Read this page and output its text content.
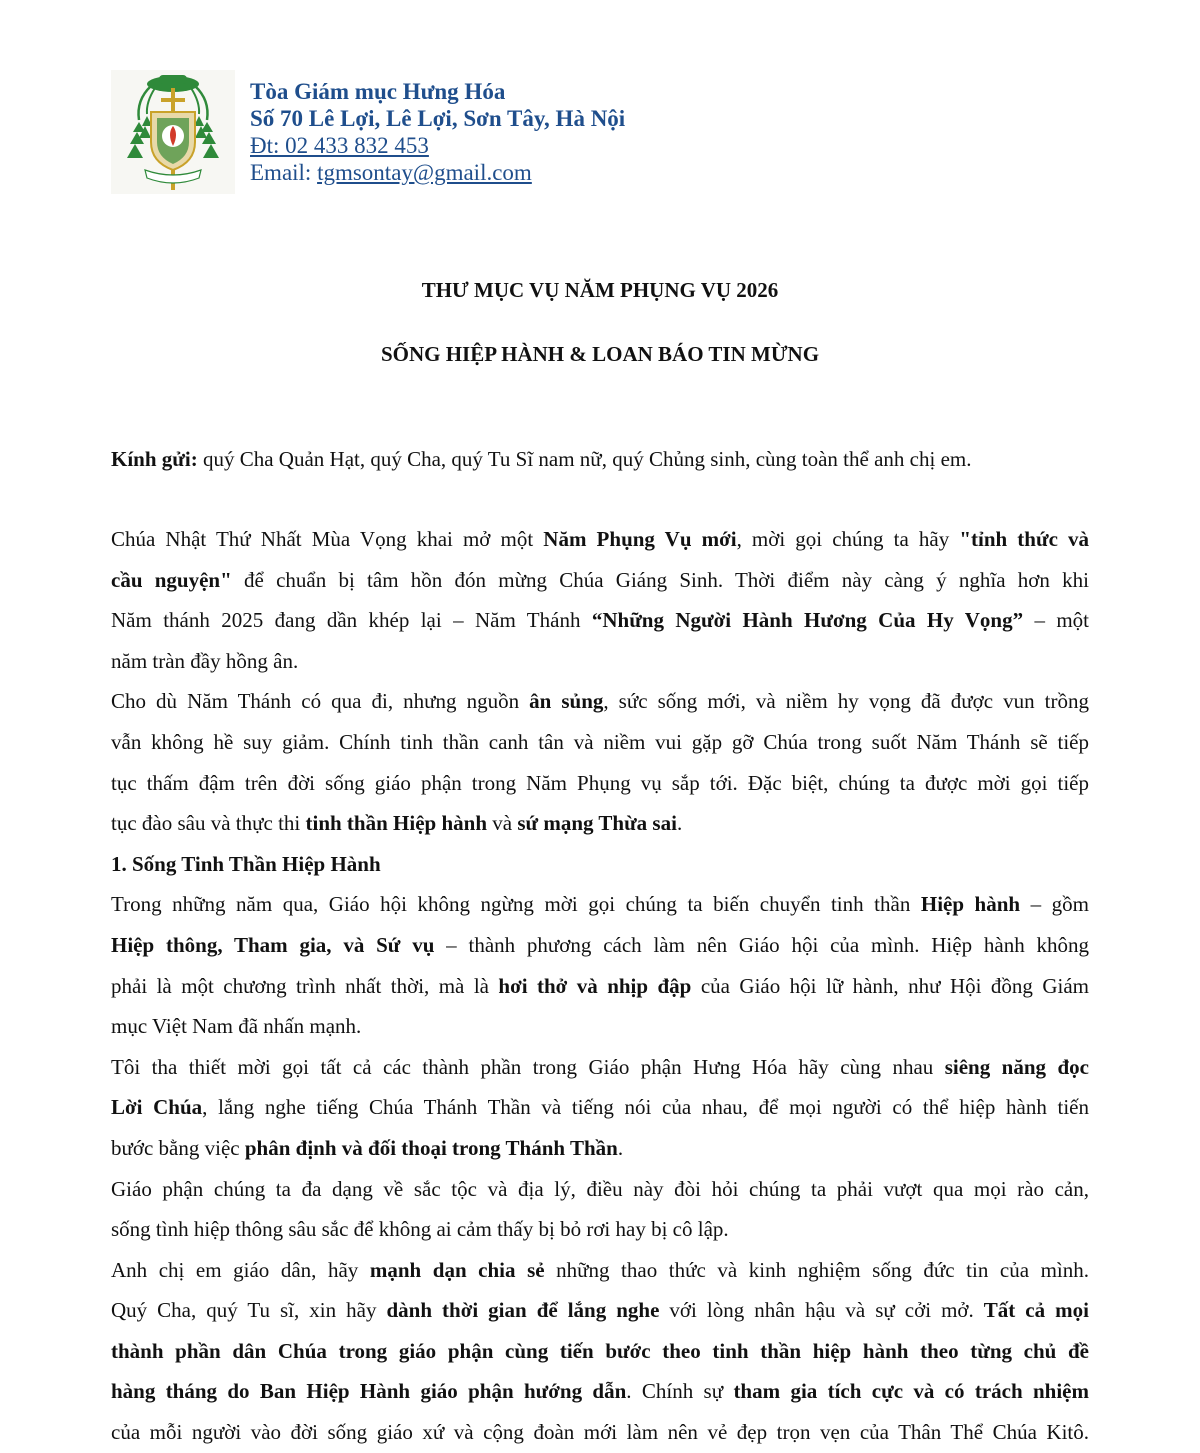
Tòa Giám mục Hưng Hóa
Số 70 Lê Lợi, Lê Lợi, Sơn Tây, Hà Nội
Đt: 02 433 832 453
Email: tgmsontay@gmail.com
THƯ MỤC VỤ NĂM PHỤNG VỤ 2026
SỐNG HIỆP HÀNH & LOAN BÁO TIN MỪNG
Kính gửi: quý Cha Quản Hạt, quý Cha, quý Tu Sĩ nam nữ, quý Chủng sinh, cùng toàn thể anh chị em.
Chúa Nhật Thứ Nhất Mùa Vọng khai mở một Năm Phụng Vụ mới, mời gọi chúng ta hãy "tỉnh thức và
cầu nguyện" để chuẩn bị tâm hồn đón mừng Chúa Giáng Sinh. Thời điểm này càng ý nghĩa hơn khi
Năm thánh 2025 đang dần khép lại – Năm Thánh “Những Người Hành Hương Của Hy Vọng” – một
năm tràn đầy hồng ân.
Cho dù Năm Thánh có qua đi, nhưng nguồn ân sủng, sức sống mới, và niềm hy vọng đã được vun trồng
vẫn không hề suy giảm. Chính tinh thần canh tân và niềm vui gặp gỡ Chúa trong suốt Năm Thánh sẽ tiếp
tục thấm đậm trên đời sống giáo phận trong Năm Phụng vụ sắp tới. Đặc biệt, chúng ta được mời gọi tiếp
tục đào sâu và thực thi tinh thần Hiệp hành và sứ mạng Thừa sai.
1. Sống Tinh Thần Hiệp Hành
Trong những năm qua, Giáo hội không ngừng mời gọi chúng ta biến chuyển tinh thần Hiệp hành – gồm
Hiệp thông, Tham gia, và Sứ vụ – thành phương cách làm nên Giáo hội của mình. Hiệp hành không
phải là một chương trình nhất thời, mà là hơi thở và nhịp đập của Giáo hội lữ hành, như Hội đồng Giám
mục Việt Nam đã nhấn mạnh.
Tôi tha thiết mời gọi tất cả các thành phần trong Giáo phận Hưng Hóa hãy cùng nhau siêng năng đọc
Lời Chúa, lắng nghe tiếng Chúa Thánh Thần và tiếng nói của nhau, để mọi người có thể hiệp hành tiến
bước bằng việc phân định và đối thoại trong Thánh Thần.
Giáo phận chúng ta đa dạng về sắc tộc và địa lý, điều này đòi hỏi chúng ta phải vượt qua mọi rào cản,
sống tình hiệp thông sâu sắc để không ai cảm thấy bị bỏ rơi hay bị cô lập.
Anh chị em giáo dân, hãy mạnh dạn chia sẻ những thao thức và kinh nghiệm sống đức tin của mình.
Quý Cha, quý Tu sĩ, xin hãy dành thời gian để lắng nghe với lòng nhân hậu và sự cởi mở. Tất cả mọi
thành phần dân Chúa trong giáo phận cùng tiến bước theo tinh thần hiệp hành theo từng chủ đề
hàng tháng do Ban Hiệp Hành giáo phận hướng dẫn. Chính sự tham gia tích cực và có trách nhiệm
của mỗi người vào đời sống giáo xứ và cộng đoàn mới làm nên vẻ đẹp trọn vẹn của Thân Thể Chúa Kitô.
